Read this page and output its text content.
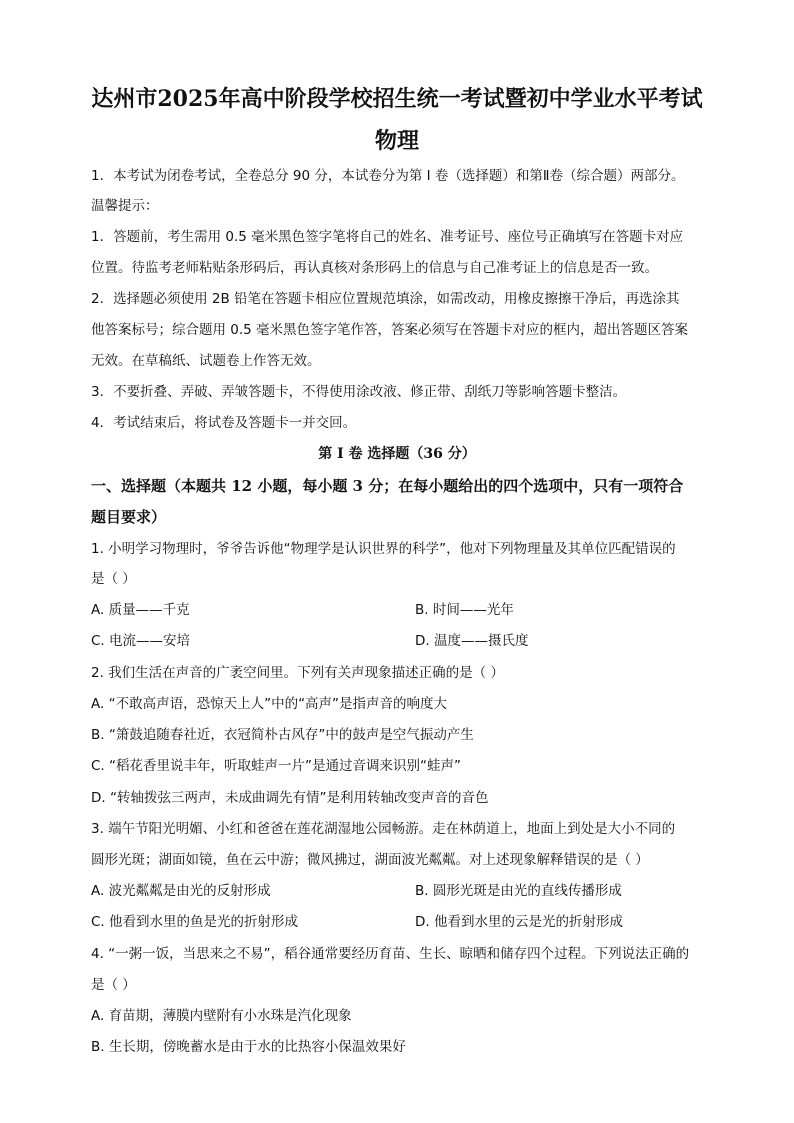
达州市2025年高中阶段学校招生统一考试暨初中学业水平考试
物理
1．本考试为闭卷考试，全卷总分 90 分，本试卷分为第 I 卷（选择题）和第Ⅱ卷（综合题）两部分。
温馨提示：
1．答题前，考生需用 0.5 毫米黑色签字笔将自己的姓名、准考证号、座位号正确填写在答题卡对应
位置。待监考老师粘贴条形码后，再认真核对条形码上的信息与自己准考证上的信息是否一致。
2．选择题必须使用 2B 铅笔在答题卡相应位置规范填涂，如需改动，用橡皮擦擦干净后，再选涂其
他答案标号；综合题用 0.5 毫米黑色签字笔作答，答案必须写在答题卡对应的框内，超出答题区答案
无效。在草稿纸、试题卷上作答无效。
3．不要折叠、弄破、弄皱答题卡，不得使用涂改液、修正带、刮纸刀等影响答题卡整洁。
4．考试结束后，将试卷及答题卡一并交回。
第 I 卷 选择题（36 分）
一、选择题（本题共 12 小题，每小题 3 分；在每小题给出的四个选项中，只有一项符合
题目要求）
1. 小明学习物理时，爷爷告诉他“物理学是认识世界的科学”，他对下列物理量及其单位匹配错误的
是（ ）
A. 质量——千克	B. 时间——光年
C. 电流——安培	D. 温度——摄氏度
2. 我们生活在声音的广袤空间里。下列有关声现象描述正确的是（ ）
A. “不敢高声语，恐惊天上人”中的“高声”是指声音的响度大
B. “箫鼓追随春社近，衣冠简朴古风存”中的鼓声是空气振动产生
C. “稻花香里说丰年，听取蛙声一片”是通过音调来识别“蛙声”
D. “转轴拨弦三两声，未成曲调先有情”是利用转轴改变声音的音色
3. 端午节阳光明媚、小红和爸爸在莲花湖湿地公园畅游。走在林荫道上，地面上到处是大小不同的
圆形光斑；湖面如镜，鱼在云中游；微风拂过，湖面波光粼粼。对上述现象解释错误的是（ ）
A. 波光粼粼是由光的反射形成	B. 圆形光斑是由光的直线传播形成
C. 他看到水里的鱼是光的折射形成	D. 他看到水里的云是光的折射形成
4. “一粥一饭，当思来之不易”，稻谷通常要经历育苗、生长、晾晒和储存四个过程。下列说法正确的
是（ ）
A. 育苗期，薄膜内壁附有小水珠是汽化现象
B. 生长期，傍晚蓄水是由于水的比热容小保温效果好
